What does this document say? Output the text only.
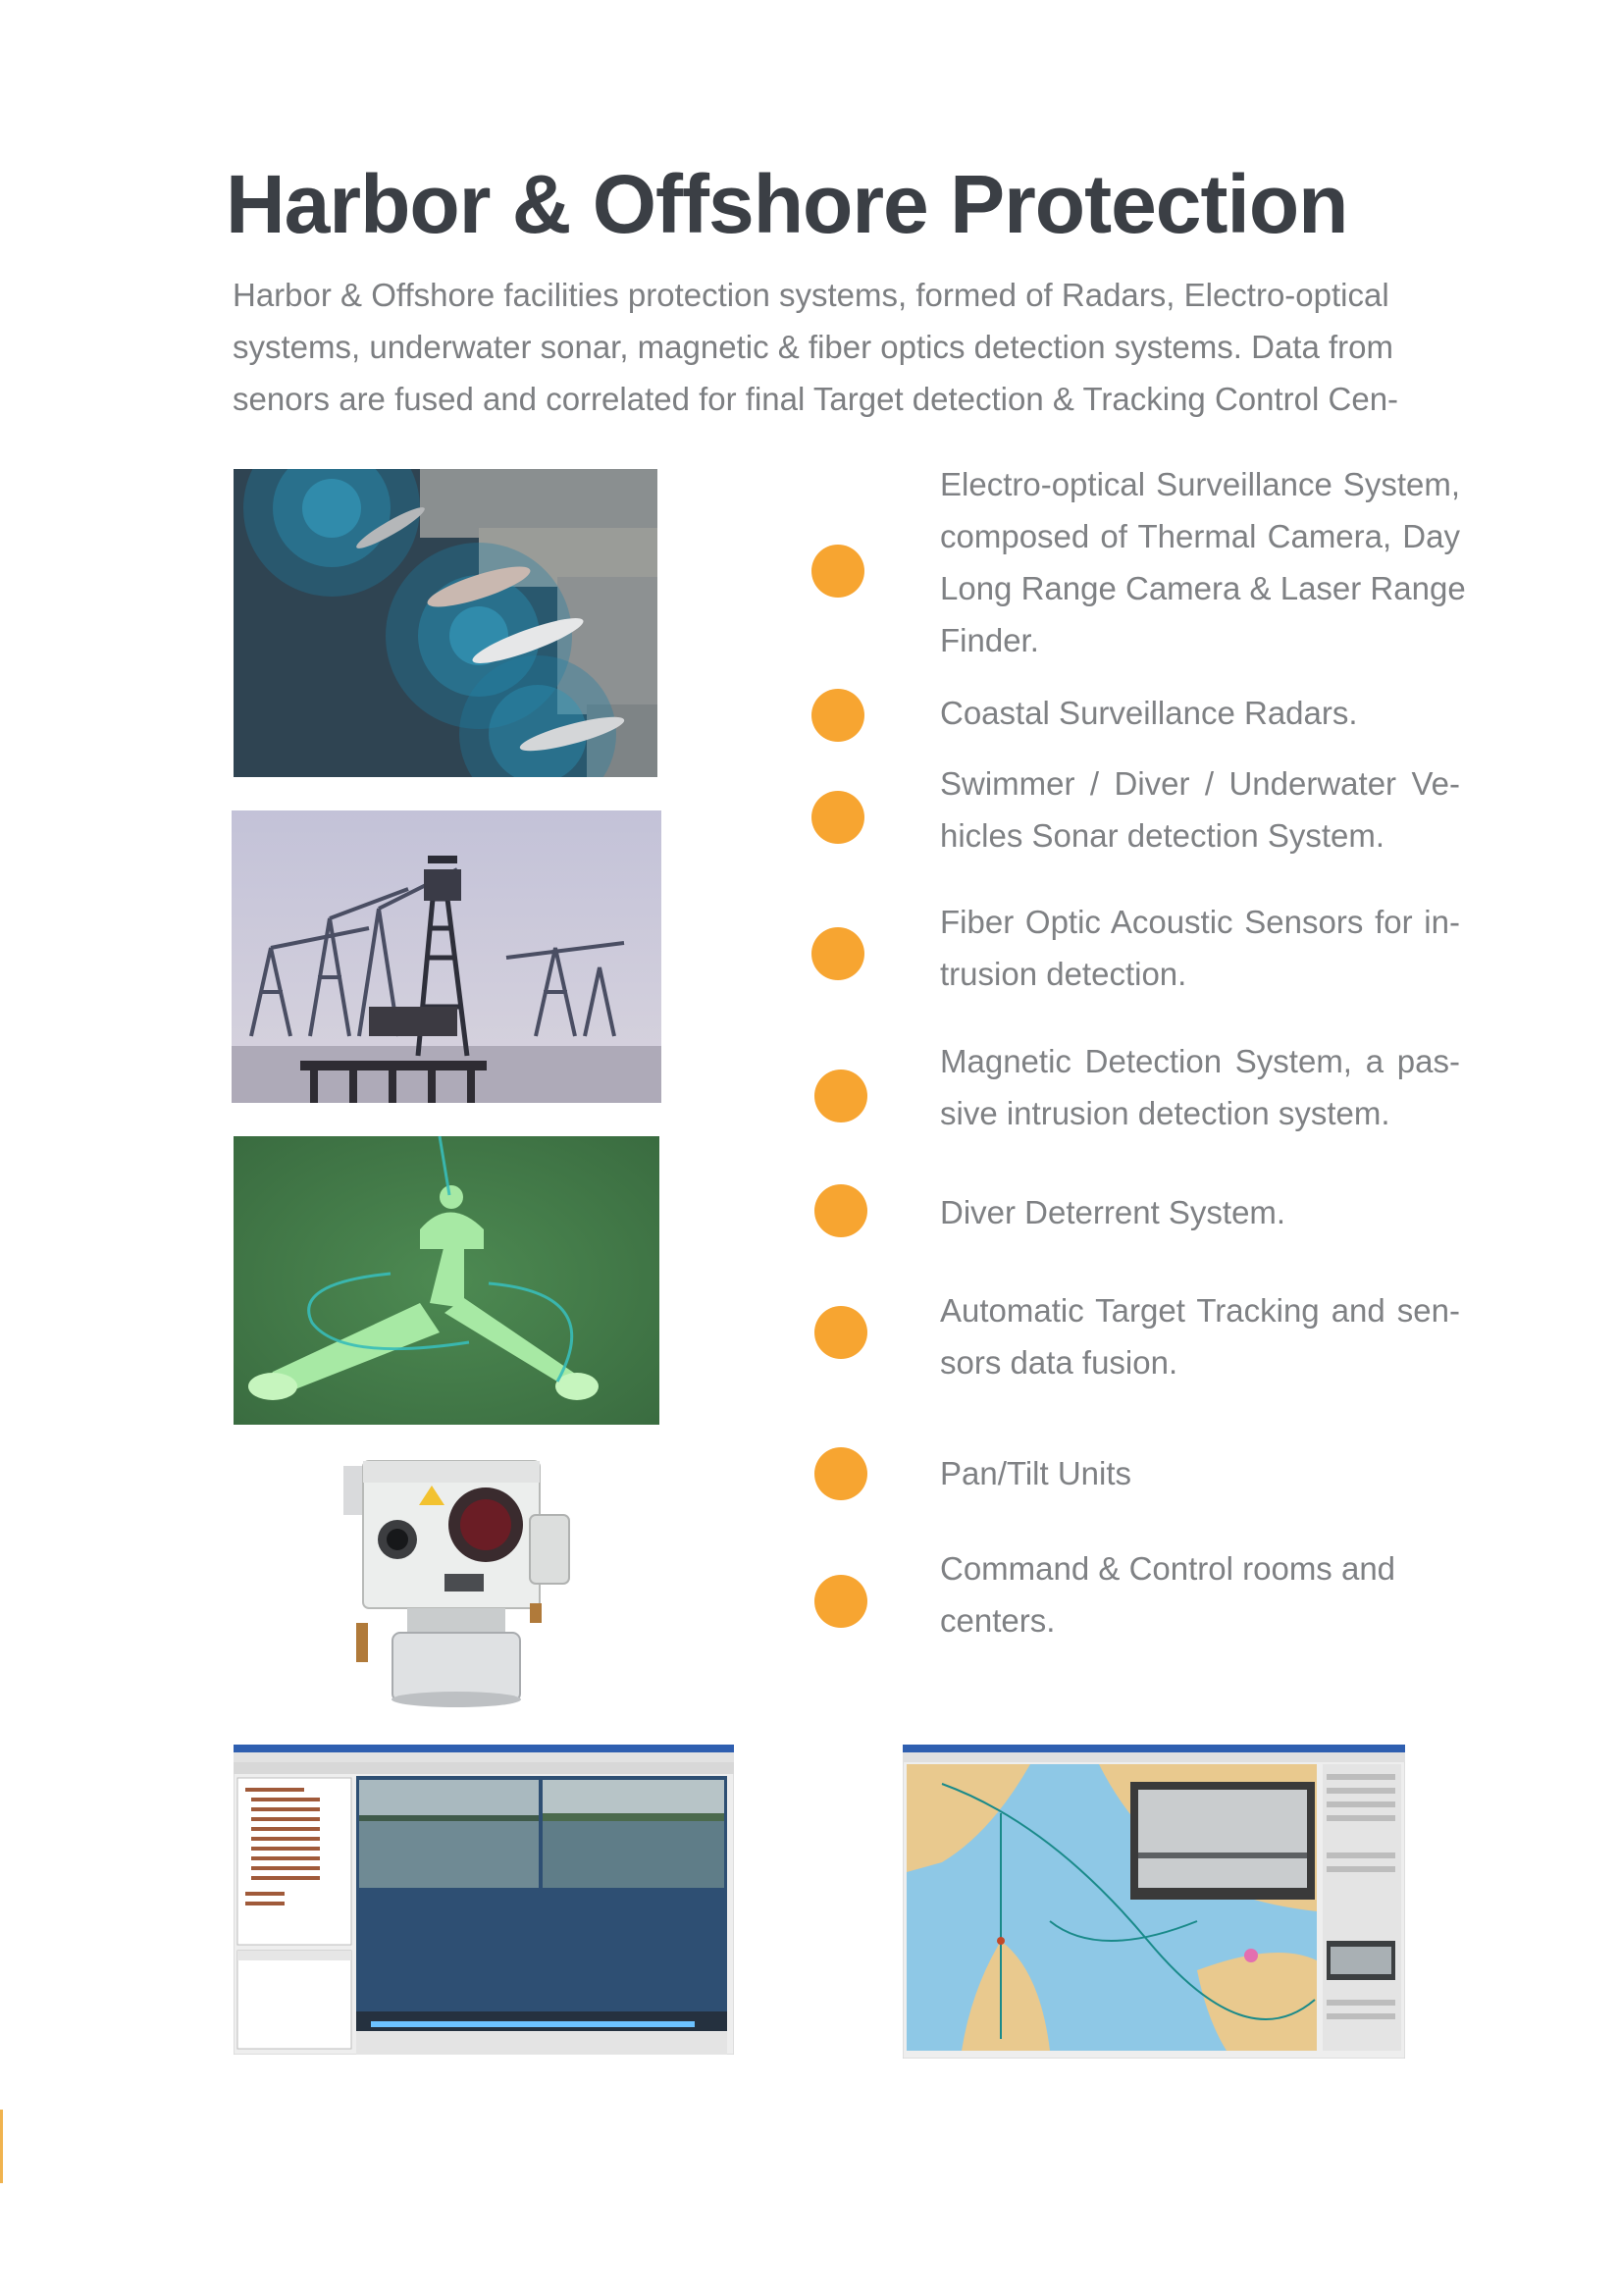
Harbor & Offshore Protection
Harbor & Offshore facilities protection systems, formed of Radars, Electro-optical
systems, underwater sonar, magnetic & fiber optics detection systems. Data from
senors are fused and correlated for final Target detection & Tracking Control Cen-
Electro-optical Surveillance System,
composed of Thermal Camera, Day
Long Range Camera & Laser Range
Finder.
Coastal Surveillance Radars.
Swimmer / Diver / Underwater Ve-
hicles Sonar detection System.
Fiber Optic Acoustic Sensors for in-
trusion detection.
Magnetic Detection System, a pas-
sive intrusion detection system.
Diver Deterrent System.
Automatic Target Tracking and sen-
sors data fusion.
Pan/Tilt Units
Command & Control rooms and
centers.
